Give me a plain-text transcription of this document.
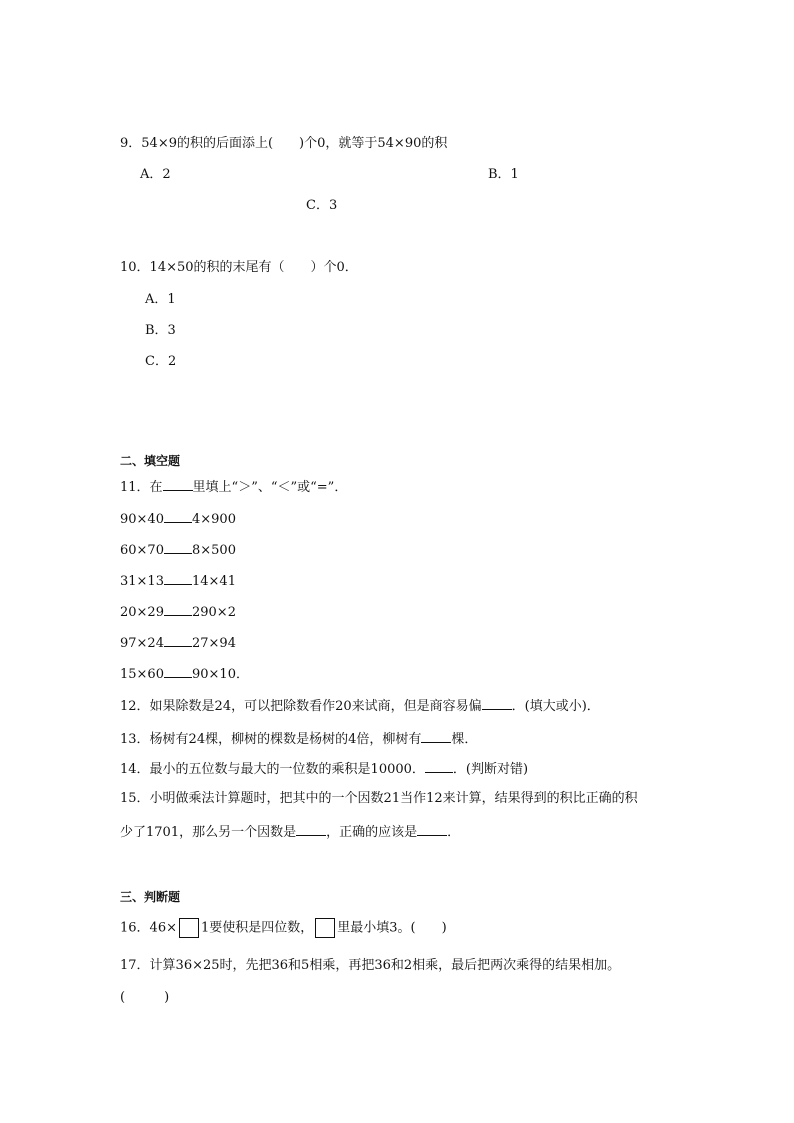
9．54×9的积的后面添上(　　)个0，就等于54×90的积
A．2	B．1
C．3
10．14×50的积的末尾有（　　）个0．
A．1
B．3
C．2
二、填空题
11．在 里填上“＞”、“＜”或“=”．
90×40 4×900
60×70 8×500
31×13 14×41
20×29 290×2
97×24 27×94
15×60 90×10．
12．如果除数是24，可以把除数看作20来试商，但是商容易偏 ．(填大或小)．
13．杨树有24棵，柳树的棵数是杨树的4倍，柳树有 棵．
14．最小的五位数与最大的一位数的乘积是10000． ．(判断对错)
15．小明做乘法计算题时，把其中的一个因数21当作12来计算，结果得到的积比正确的积
少了1701，那么另一个因数是 ，正确的应该是 ．
三、判断题
16．46× 1要使积是四位数， 里最小填3。(　　)
17．计算36×25时，先把36和5相乘，再把36和2相乘，最后把两次乘得的结果相加。
(　　　)
